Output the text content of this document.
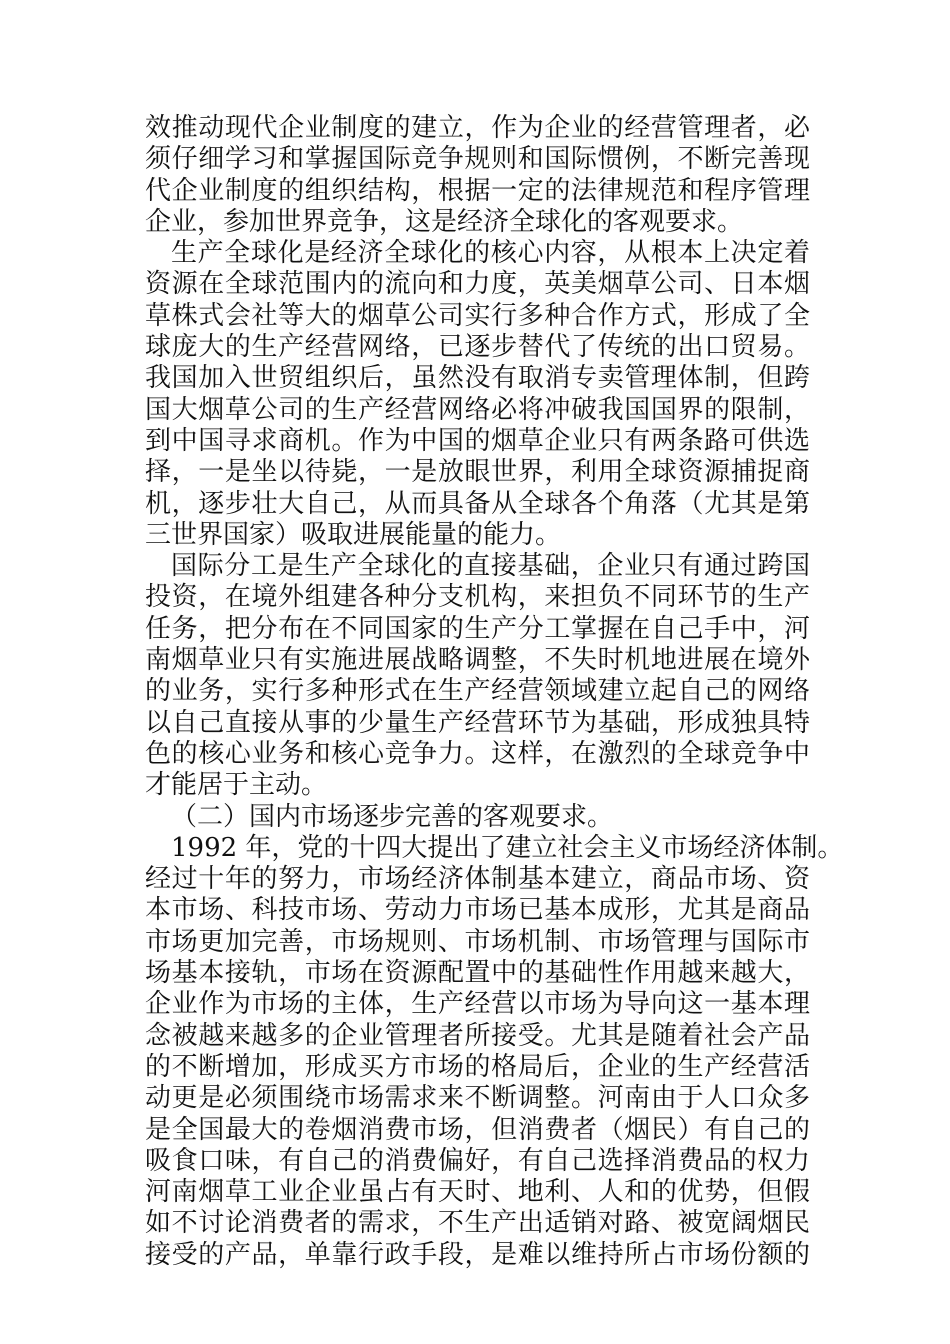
效推动现代企业制度的建立，作为企业的经营管理者，必
须仔细学习和掌握国际竞争规则和国际惯例，不断完善现
代企业制度的组织结构，根据一定的法律规范和程序管理
企业，参加世界竞争，这是经济全球化的客观要求。
生产全球化是经济全球化的核心内容，从根本上决定着
资源在全球范围内的流向和力度，英美烟草公司、日本烟
草株式会社等大的烟草公司实行多种合作方式，形成了全
球庞大的生产经营网络，已逐步替代了传统的出口贸易。
我国加入世贸组织后，虽然没有取消专卖管理体制，但跨
国大烟草公司的生产经营网络必将冲破我国国界的限制，
到中国寻求商机。作为中国的烟草企业只有两条路可供选
择，一是坐以待毙，一是放眼世界，利用全球资源捕捉商
机，逐步壮大自己，从而具备从全球各个角落（尤其是第
三世界国家）吸取进展能量的能力。
国际分工是生产全球化的直接基础，企业只有通过跨国
投资，在境外组建各种分支机构，来担负不同环节的生产
任务，把分布在不同国家的生产分工掌握在自己手中，河
南烟草业只有实施进展战略调整，不失时机地进展在境外
的业务，实行多种形式在生产经营领域建立起自己的网络
以自己直接从事的少量生产经营环节为基础，形成独具特
色的核心业务和核心竞争力。这样，在激烈的全球竞争中
才能居于主动。
（二）国内市场逐步完善的客观要求。
1992 年，党的十四大提出了建立社会主义市场经济体制。
经过十年的努力，市场经济体制基本建立，商品市场、资
本市场、科技市场、劳动力市场已基本成形，尤其是商品
市场更加完善，市场规则、市场机制、市场管理与国际市
场基本接轨，市场在资源配置中的基础性作用越来越大，
企业作为市场的主体，生产经营以市场为导向这一基本理
念被越来越多的企业管理者所接受。尤其是随着社会产品
的不断增加，形成买方市场的格局后，企业的生产经营活
动更是必须围绕市场需求来不断调整。河南由于人口众多
是全国最大的卷烟消费市场，但消费者（烟民）有自己的
吸食口味，有自己的消费偏好，有自己选择消费品的权力
河南烟草工业企业虽占有天时、地利、人和的优势，但假
如不讨论消费者的需求，不生产出适销对路、被宽阔烟民
接受的产品，单靠行政手段，是难以维持所占市场份额的
